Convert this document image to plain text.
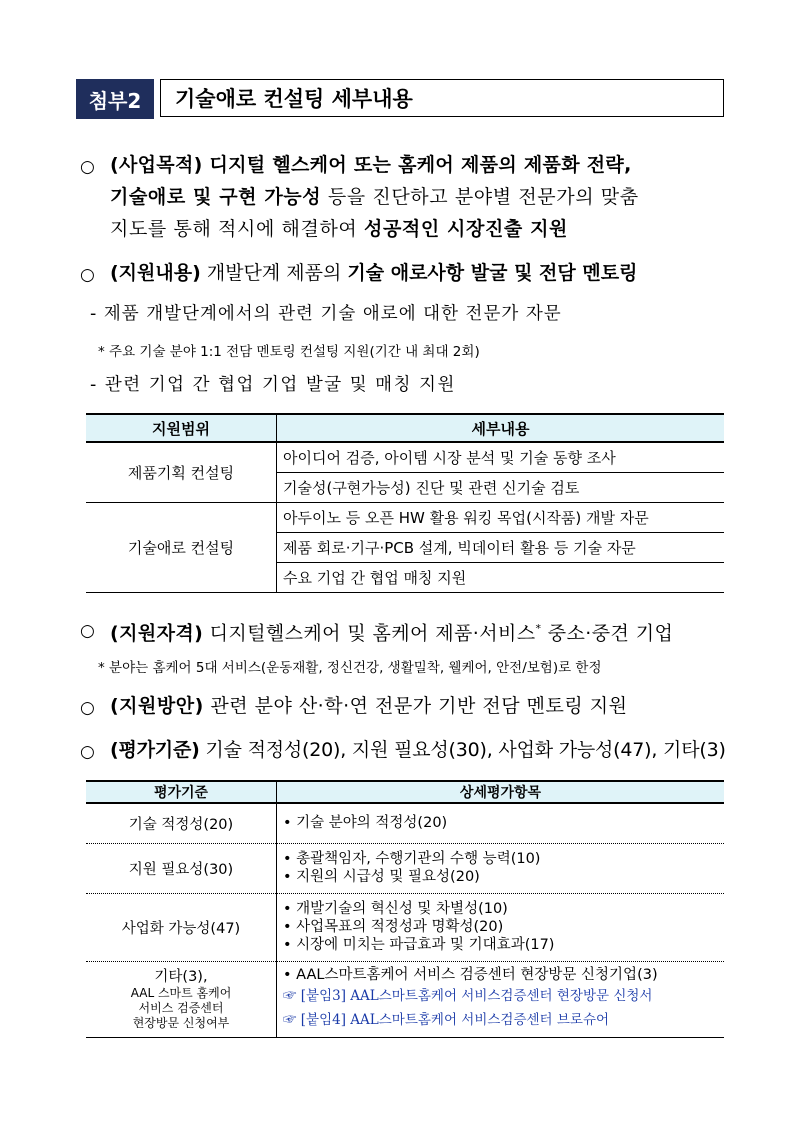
첨부2	기술애로 컨설팅 세부내용
○ (사업목적) 디지털 헬스케어 또는 홈케어 제품의 제품화 전략,
기술애로 및 구현 가능성 등을 진단하고 분야별 전문가의 맞춤
지도를 통해 적시에 해결하여 성공적인 시장진출 지원
○ (지원내용) 개발단계 제품의 기술 애로사항 발굴 및 전담 멘토링
- 제품 개발단계에서의 관련 기술 애로에 대한 전문가 자문
* 주요 기술 분야 1:1 전담 멘토링 컨설팅 지원(기간 내 최대 2회)
- 관련 기업 간 협업 기업 발굴 및 매칭 지원
지원범위	세부내용
제품기획 컨설팅	아이디어 검증, 아이템 시장 분석 및 기술 동향 조사
	기술성(구현가능성) 진단 및 관련 신기술 검토
기술애로 컨설팅	아두이노 등 오픈 HW 활용 워킹 목업(시작품) 개발 자문
	제품 회로·기구·PCB 설계, 빅데이터 활용 등 기술 자문
	수요 기업 간 협업 매칭 지원
○ (지원자격) 디지털헬스케어 및 홈케어 제품·서비스* 중소·중견 기업
* 분야는 홈케어 5대 서비스(운동재활, 정신건강, 생활밀착, 웰케어, 안전/보험)로 한정
○ (지원방안) 관련 분야 산·학·연 전문가 기반 전담 멘토링 지원
○ (평가기준) 기술 적정성(20), 지원 필요성(30), 사업화 가능성(47), 기타(3)
평가기준	상세평가항목
기술 적정성(20)	• 기술 분야의 적정성(20)

지원 필요성(30)	• 총괄책임자, 수행기관의 수행 능력(10)
• 지원의 시급성 및 필요성(20)

사업화 가능성(47)	• 개발기술의 혁신성 및 차별성(10)
• 사업목표의 적정성과 명확성(20)
• 시장에 미치는 파급효과 및 기대효과(17)

기타(3),
AAL 스마트 홈케어
서비스 검증센터
현장방문 신청여부	• AAL스마트홈케어 서비스 검증센터 현장방문 신청기업(3)
☞ [붙임3] AAL스마트홈케어 서비스검증센터 현장방문 신청서
☞ [붙임4] AAL스마트홈케어 서비스검증센터 브로슈어
